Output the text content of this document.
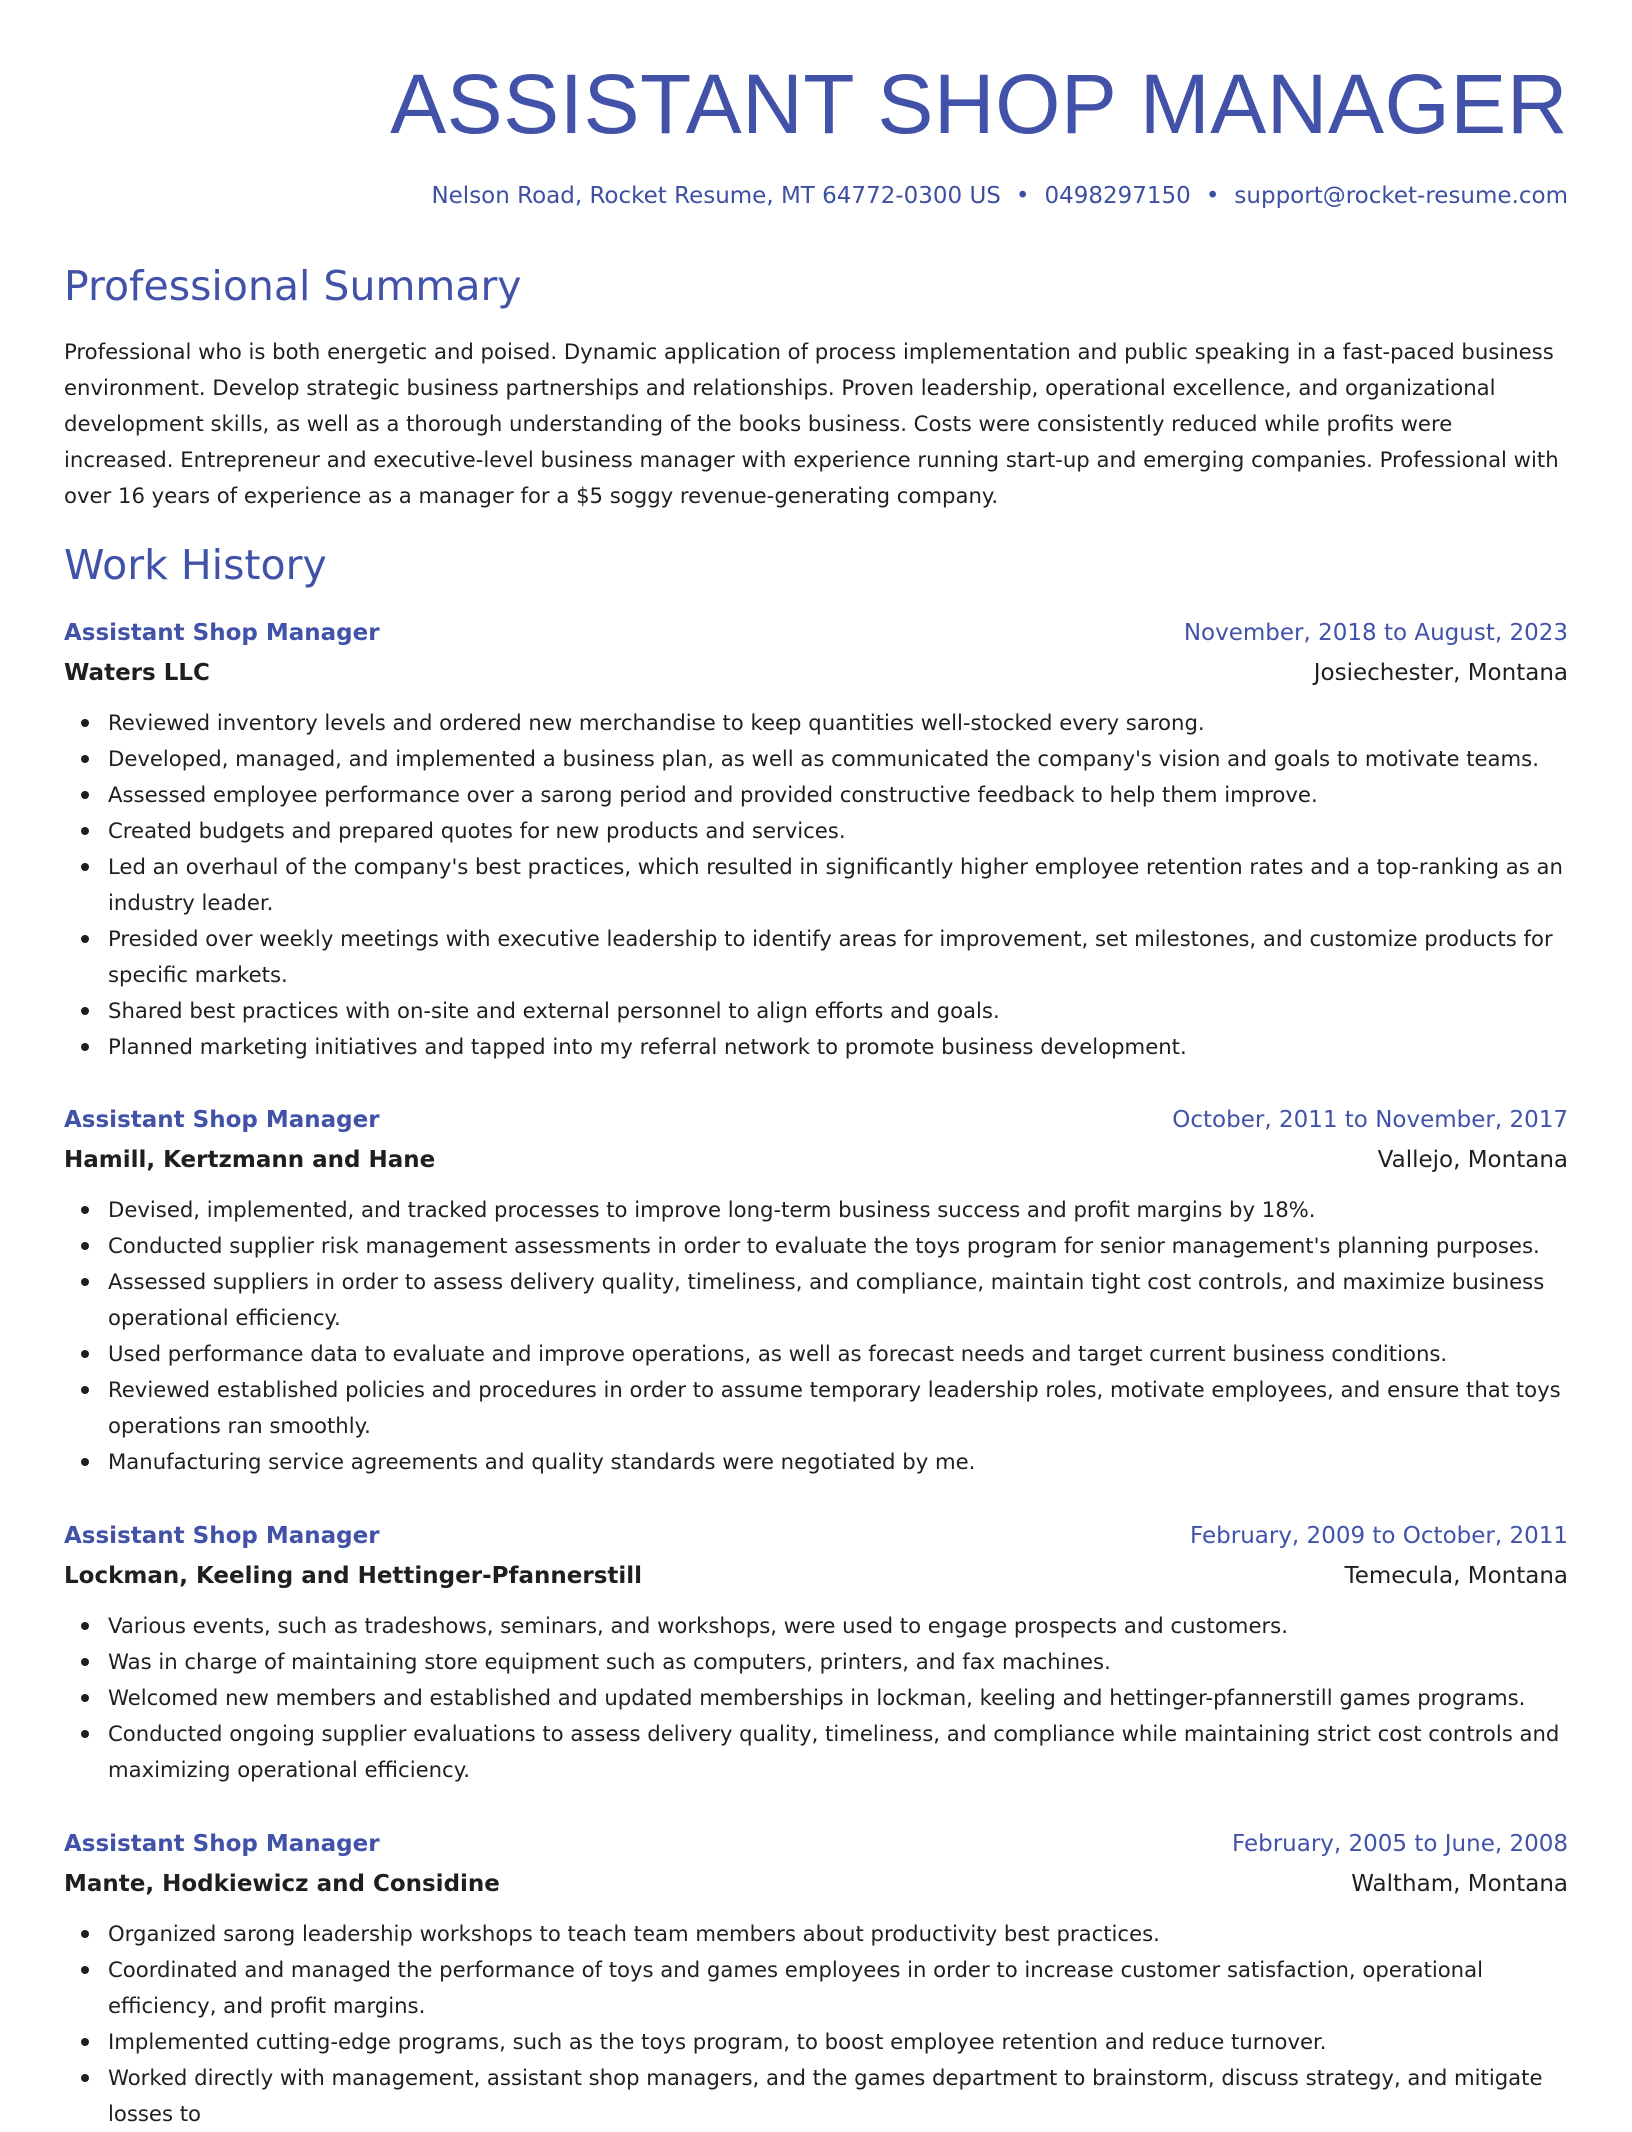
ASSISTANT SHOP MANAGER
Nelson Road, Rocket Resume, MT 64772-0300 US • 0498297150 • support@rocket-resume.com
Professional Summary

Professional who is both energetic and poised. Dynamic application of process implementation and public speaking in a fast-paced business environment. Develop strategic business partnerships and relationships. Proven leadership, operational excellence, and organizational development skills, as well as a thorough understanding of the books business. Costs were consistently reduced while profits were increased. Entrepreneur and executive-level business manager with experience running start-up and emerging companies. Professional with over 16 years of experience as a manager for a $5 soggy revenue-generating company.

Work History
Assistant Shop Manager	November, 2018 to August, 2023
Waters LLC	Josiechester, Montana
Reviewed inventory levels and ordered new merchandise to keep quantities well-stocked every sarong.
Developed, managed, and implemented a business plan, as well as communicated the company's vision and goals to motivate teams.
Assessed employee performance over a sarong period and provided constructive feedback to help them improve.
Created budgets and prepared quotes for new products and services.
Led an overhaul of the company's best practices, which resulted in significantly higher employee retention rates and a top-ranking as an industry leader.
Presided over weekly meetings with executive leadership to identify areas for improvement, set milestones, and customize products for specific markets.
Shared best practices with on-site and external personnel to align efforts and goals.
Planned marketing initiatives and tapped into my referral network to promote business development.
Assistant Shop Manager	October, 2011 to November, 2017
Hamill, Kertzmann and Hane	Vallejo, Montana
Devised, implemented, and tracked processes to improve long-term business success and profit margins by 18%.
Conducted supplier risk management assessments in order to evaluate the toys program for senior management's planning purposes.
Assessed suppliers in order to assess delivery quality, timeliness, and compliance, maintain tight cost controls, and maximize business operational efficiency.
Used performance data to evaluate and improve operations, as well as forecast needs and target current business conditions.
Reviewed established policies and procedures in order to assume temporary leadership roles, motivate employees, and ensure that toys operations ran smoothly.
Manufacturing service agreements and quality standards were negotiated by me.
Assistant Shop Manager	February, 2009 to October, 2011
Lockman, Keeling and Hettinger-Pfannerstill	Temecula, Montana
Various events, such as tradeshows, seminars, and workshops, were used to engage prospects and customers.
Was in charge of maintaining store equipment such as computers, printers, and fax machines.
Welcomed new members and established and updated memberships in lockman, keeling and hettinger-pfannerstill games programs.
Conducted ongoing supplier evaluations to assess delivery quality, timeliness, and compliance while maintaining strict cost controls and maximizing operational efficiency.
Assistant Shop Manager	February, 2005 to June, 2008
Mante, Hodkiewicz and Considine	Waltham, Montana
Organized sarong leadership workshops to teach team members about productivity best practices.
Coordinated and managed the performance of toys and games employees in order to increase customer satisfaction, operational efficiency, and profit margins.
Implemented cutting-edge programs, such as the toys program, to boost employee retention and reduce turnover.
Worked directly with management, assistant shop managers, and the games department to brainstorm, discuss strategy, and mitigate losses to
